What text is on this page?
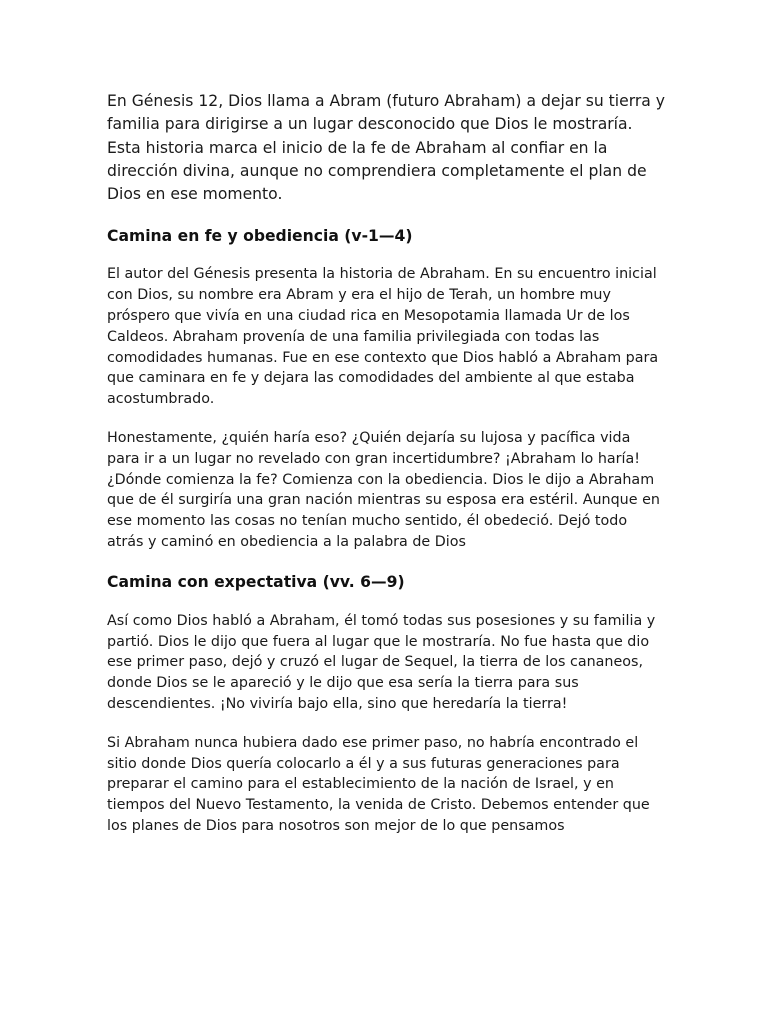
En Génesis 12, Dios llama a Abram (futuro Abraham) a dejar su tierra y familia para dirigirse a un lugar desconocido que Dios le mostraría. Esta historia marca el inicio de la fe de Abraham al confiar en la dirección divina, aunque no comprendiera completamente el plan de Dios en ese momento.

Camina en fe y obediencia (v-1—4)

El autor del Génesis presenta la historia de Abraham. En su encuentro inicial con Dios, su nombre era Abram y era el hijo de Terah, un hombre muy próspero que vivía en una ciudad rica en Mesopotamia llamada Ur de los Caldeos. Abraham provenía de una familia privilegiada con todas las comodidades humanas. Fue en ese contexto que Dios habló a Abraham para que caminara en fe y dejara las comodidades del ambiente al que estaba acostumbrado.

Honestamente, ¿quién haría eso? ¿Quién dejaría su lujosa y pacífica vida para ir a un lugar no revelado con gran incertidumbre? ¡Abraham lo haría! ¿Dónde comienza la fe? Comienza con la obediencia. Dios le dijo a Abraham que de él surgiría una gran nación mientras su esposa era estéril. Aunque en ese momento las cosas no tenían mucho sentido, él obedeció. Dejó todo atrás y caminó en obediencia a la palabra de Dios

Camina con expectativa (vv. 6—9)

Así como Dios habló a Abraham, él tomó todas sus posesiones y su familia y partió. Dios le dijo que fuera al lugar que le mostraría. No fue hasta que dio ese primer paso, dejó y cruzó el lugar de Sequel, la tierra de los cananeos, donde Dios se le apareció y le dijo que esa sería la tierra para sus descendientes. ¡No viviría bajo ella, sino que heredaría la tierra!

Si Abraham nunca hubiera dado ese primer paso, no habría encontrado el sitio donde Dios quería colocarlo a él y a sus futuras generaciones para preparar el camino para el establecimiento de la nación de Israel, y en tiempos del Nuevo Testamento, la venida de Cristo. Debemos entender que los planes de Dios para nosotros son mejor de lo que pensamos
